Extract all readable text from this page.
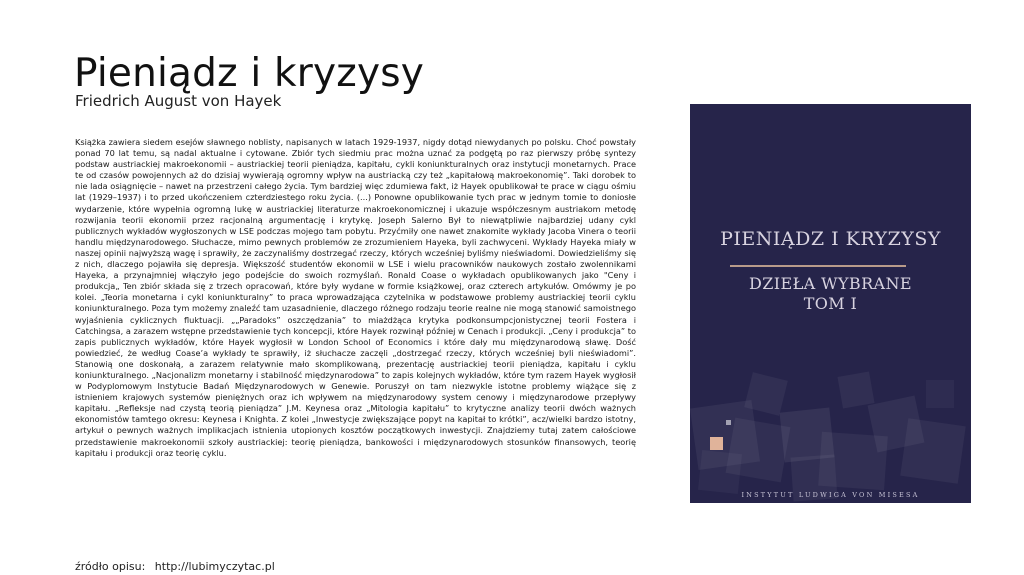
Pieniądz i kryzysy
Friedrich August von Hayek

Książka zawiera siedem esejów sławnego noblisty, napisanych w latach 1929-1937, nigdy dotąd niewydanych po polsku. Choć powstały ponad 70 lat temu, są nadal aktualne i cytowane. Zbiór tych siedmiu prac można uznać za podgętą po raz pierwszy próbę syntezy podstaw austriackiej makroekonomii – austriackiej teorii pieniądza, kapitału, cykli koniunkturalnych oraz instytucji monetarnych. Prace te od czasów powojennych aż do dzisiaj wywierają ogromny wpływ na austriacką czy też „kapitałową makroekonomię”. Taki dorobek to nie lada osiągnięcie – nawet na przestrzeni całego życia. Tym bardziej więc zdumiewa fakt, iż Hayek opublikował te prace w ciągu ośmiu lat (1929–1937) i to przed ukończeniem czterdziestego roku życia. (...) Ponowne opublikowanie tych prac w jednym tomie to doniosłe wydarzenie, które wypełnia ogromną lukę w austriackiej literaturze makroekonomicznej i ukazuje współczesnym austriakom metodę rozwijania teorii ekonomii przez racjonalną argumentację i krytykę. Joseph Salerno Był to niewątpliwie najbardziej udany cykl publicznych wykładów wygłoszonych w LSE podczas mojego tam pobytu. Przyćmiły one nawet znakomite wykłady Jacoba Vinera o teorii handlu międzynarodowego. Słuchacze, mimo pewnych problemów ze zrozumieniem Hayeka, byli zachwyceni. Wykłady Hayeka miały w naszej opinii najwyższą wagę i sprawiły, że zaczynaliśmy dostrzegać rzeczy, których wcześniej byliśmy nieświadomi. Dowiedzieliśmy się z nich, dlaczego pojawiła się depresja. Większość studentów ekonomii w LSE i wielu pracowników naukowych zostało zwolennikami Hayeka, a przynajmniej włączyło jego podejście do swoich rozmyślań. Ronald Coase o wykładach opublikowanych jako "Ceny i produkcja„ Ten zbiór składa się z trzech opracowań, które były wydane w formie książkowej, oraz czterech artykułów. Omówmy je po kolei. „Teoria monetarna i cykl koniunkturalny” to praca wprowadzająca czytelnika w podstawowe problemy austriackiej teorii cyklu koniunkturalnego. Poza tym możemy znaleźć tam uzasadnienie, dlaczego różnego rodzaju teorie realne nie mogą stanowić samoistnego wyjaśnienia cyklicznych fluktuacji. „„Paradoks” oszczędzania” to miażdżąca krytyka podkonsumpcjonistycznej teorii Fostera i Catchingsa, a zarazem wstępne przedstawienie tych koncepcji, które Hayek rozwinął później w Cenach i produkcji. „Ceny i produkcja” to zapis publicznych wykładów, które Hayek wygłosił w London School of Economics i które dały mu międzynarodową sławę. Dość powiedzieć, że według Coase’a wykłady te sprawiły, iż słuchacze zaczęli „dostrzegać rzeczy, których wcześniej byli nieświadomi”. Stanowią one doskonałą, a zarazem relatywnie mało skomplikowaną, prezentację austriackiej teorii pieniądza, kapitału i cyklu koniunkturalnego. „Nacjonalizm monetarny i stabilność międzynarodowa” to zapis kolejnych wykładów, które tym razem Hayek wygłosił w Podyplomowym Instytucie Badań Międzynarodowych w Genewie. Poruszył on tam niezwykle istotne problemy wiążące się z istnieniem krajowych systemów pieniężnych oraz ich wpływem na międzynarodowy system cenowy i międzynarodowe przepływy kapitału. „Refleksje nad czystą teorią pieniądza” J.M. Keynesa oraz „Mitologia kapitału” to krytyczne analizy teorii dwóch ważnych ekonomistów tamtego okresu: Keynesa i Knighta. Z kolei „Inwestycje zwiększające popyt na kapitał to krótki”, acz/wielki bardzo istotny, artykuł o pewnych ważnych implikacjach istnienia utopionych kosztów początkowych inwestycji. Znajdziemy tutaj zatem całościowe przedstawienie makroekonomii szkoły austriackiej: teorię pieniądza, bankowości i międzynarodowych stosunków finansowych, teorię kapitału i produkcji oraz teorię cyklu.

źródło opisu: http://lubimyczytac.pl
PIENIĄDZ I KRYZYSY
DZIEŁA WYBRANE
TOM I
INSTYTUT LUDWIGA VON MISESA
